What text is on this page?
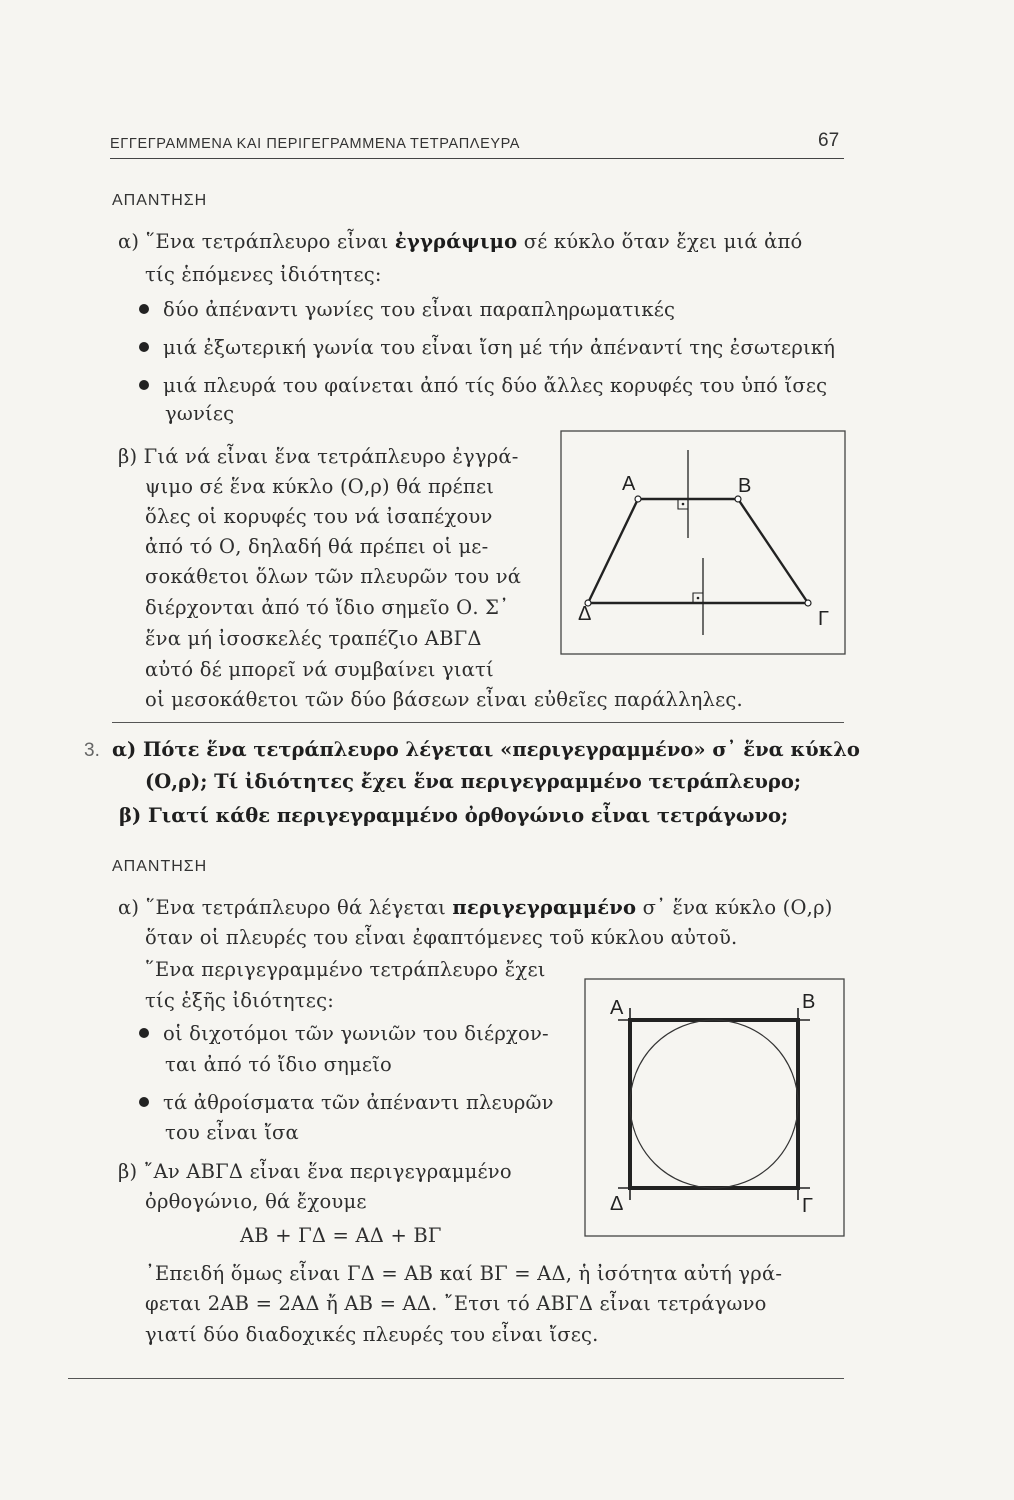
ΕΓΓΕΓΡΑΜΜΕΝΑ ΚΑΙ ΠΕΡΙΓΕΓΡΑΜΜΕΝΑ ΤΕΤΡΑΠΛΕΥΡΑ	67
ΑΠΑΝΤΗΣΗ
α) ῞Ενα τετράπλευρο εἶναι ἐγγράψιμο σέ κύκλο ὅταν ἔχει μιά ἀπό
τίς ἑπόμενες ἰδιότητες:
δύο ἀπέναντι γωνίες του εἶναι παραπληρωματικές
μιά ἐξωτερική γωνία του εἶναι ἴση μέ τήν ἀπέναντί της ἐσωτερική
μιά πλευρά του φαίνεται ἀπό τίς δύο ἄλλες κορυφές του ὑπό ἴσες
γωνίες
β) Γιά νά εἶναι ἕνα τετράπλευρο ἐγγρά-
ψιμο σέ ἕνα κύκλο (Ο,ρ) θά πρέπει
ὅλες οἱ κορυφές του νά ἰσαπέχουν
ἀπό τό Ο, δηλαδή θά πρέπει οἱ με-
σοκάθετοι ὅλων τῶν πλευρῶν του νά
διέρχονται ἀπό τό ἴδιο σημεῖο Ο. Σ᾽
ἕνα μή ἰσοσκελές τραπέζιο ΑΒΓΔ
αὐτό δέ μπορεῖ νά συμβαίνει γιατί
οἱ μεσοκάθετοι τῶν δύο βάσεων εἶναι εὐθεῖες παράλληλες.
Α	Β
Γ
Δ
3. α) Πότε ἕνα τετράπλευρο λέγεται «περιγεγραμμένο» σ᾽ ἕνα κύκλο
(Ο,ρ); Τί ἰδιότητες ἔχει ἕνα περιγεγραμμένο τετράπλευρο;
β) Γιατί κάθε περιγεγραμμένο ὀρθογώνιο εἶναι τετράγωνο;
ΑΠΑΝΤΗΣΗ
α) ῞Ενα τετράπλευρο θά λέγεται περιγεγραμμένο σ᾽ ἕνα κύκλο (Ο,ρ)
ὅταν οἱ πλευρές του εἶναι ἐφαπτόμενες τοῦ κύκλου αὐτοῦ.
῞Ενα περιγεγραμμένο τετράπλευρο ἔχει
τίς ἑξῆς ἰδιότητες:
οἱ διχοτόμοι τῶν γωνιῶν του διέρχον-
ται ἀπό τό ἴδιο σημεῖο
τά ἀθροίσματα τῶν ἀπέναντι πλευρῶν
του εἶναι ἴσα
β) ῎Αν ΑΒΓΔ εἶναι ἕνα περιγεγραμμένο
ὀρθογώνιο, θά ἔχουμε
ΑΒ + ΓΔ = ΑΔ + ΒΓ
᾽Επειδή ὅμως εἶναι ΓΔ = ΑΒ καί ΒΓ = ΑΔ, ἡ ἰσότητα αὐτή γρά-
φεται 2ΑΒ = 2ΑΔ ἤ ΑΒ = ΑΔ. ῎Ετσι τό ΑΒΓΔ εἶναι τετράγωνο
γιατί δύο διαδοχικές πλευρές του εἶναι ἴσες.
Α	Β
Γ
Δ
